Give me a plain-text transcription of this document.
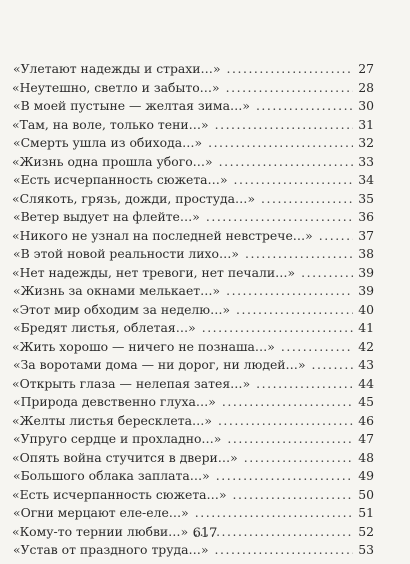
«Улетают надежды и страхи…» . . .	27
«Неутешно, светло и забыто…» . . .	28
«В моей пустыне — желтая зима…» . . .	30
«Там, на воле, только тени…» . . .	31
«Смерть ушла из обихода…» . . .	32
«Жизнь одна прошла убого…» . . .	33
«Есть исчерпанность сюжета…» . . .	34
«Слякоть, грязь, дожди, простуда…» . . .	35
«Ветер выдует на флейте…» . . .	36
«Никого не узнал на последней невстрече…» . . .	37
«В этой новой реальности лихо…» . . .	38
«Нет надежды, нет тревоги, нет печали…» . . .	39
«Жизнь за окнами мелькает…» . . .	39
«Этот мир обходим за неделю…» . . .	40
«Бредят листья, облетая…» . . .	41
«Жить хорошо — ничего не познаша…» . . .	42
«За воротами дома — ни дорог, ни людей…» . . .	43
«Открыть глаза — нелепая затея…» . . .	44
«Природа девственно глуха…» . . .	45
«Желты листья бересклета…» . . .	46
«Упруго сердце и прохладно…» . . .	47
«Опять война стучится в двери…» . . .	48
«Большого облака заплата…» . . .	49
«Есть исчерпанность сюжета…» . . .	50
«Огни мерцают еле-еле…» . . .	51
«Кому-то тернии любви…» . . .	52
«Устав от праздного труда…» . . .	53
617
